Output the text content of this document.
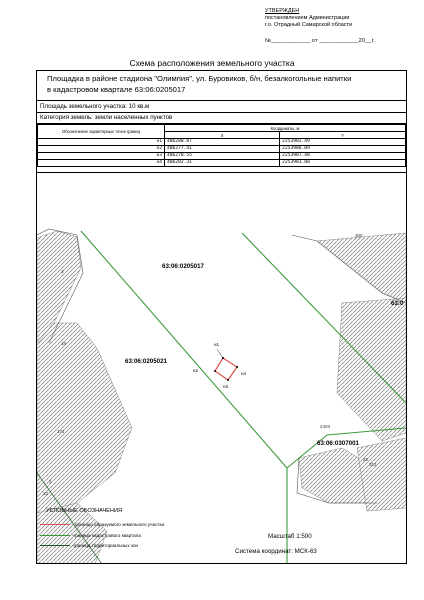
УТВЕРЖДЕН
постановлением Администрации
г.о. Отрадный Самарской области
№____________ от ____________20__г.
Схема расположения земельного участка
Площадка в районе стадиона "Олимпия", ул. Буровиков, б/н, безалкогольные напитки
в кадастровом квартале 63:06:0205017
Площадь земельного участка: 10 кв.м
Категория земель: земли населенных пунктов
Обозначение характерных точек границ	Координаты, м	
	X	Y
н1	406280.87	2253982.49
н2	406277.41	2253986.09
н3	406278.55	2253987.48
н4	406282.31	2253983.88
н1
н2
н3
н4
63:06:0205017
63:06:0205021
63:06:0307001
63:0
300
3
14
171
2403
313
22
32
2
УСЛОВНЫЕ ОБОЗНАЧЕНИЯ
- границы образуемого земельного участка
-граница кадастрового квартала
-граница территориальных зон
Масштаб 1:500
Система координат: МСК-63
